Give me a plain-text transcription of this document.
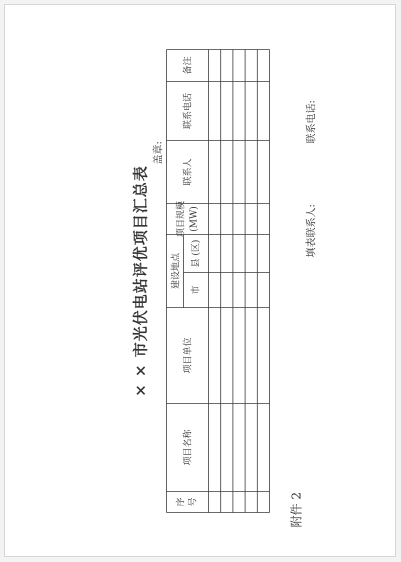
附件 2
× × 市光伏电站评优项目汇总表
盖章:
填表联系人:
联系电话:
序 号
项目名称
项目单位
建设地点
市
县 (区)
项目规模 (MW)
联系人
联系电话
备注
